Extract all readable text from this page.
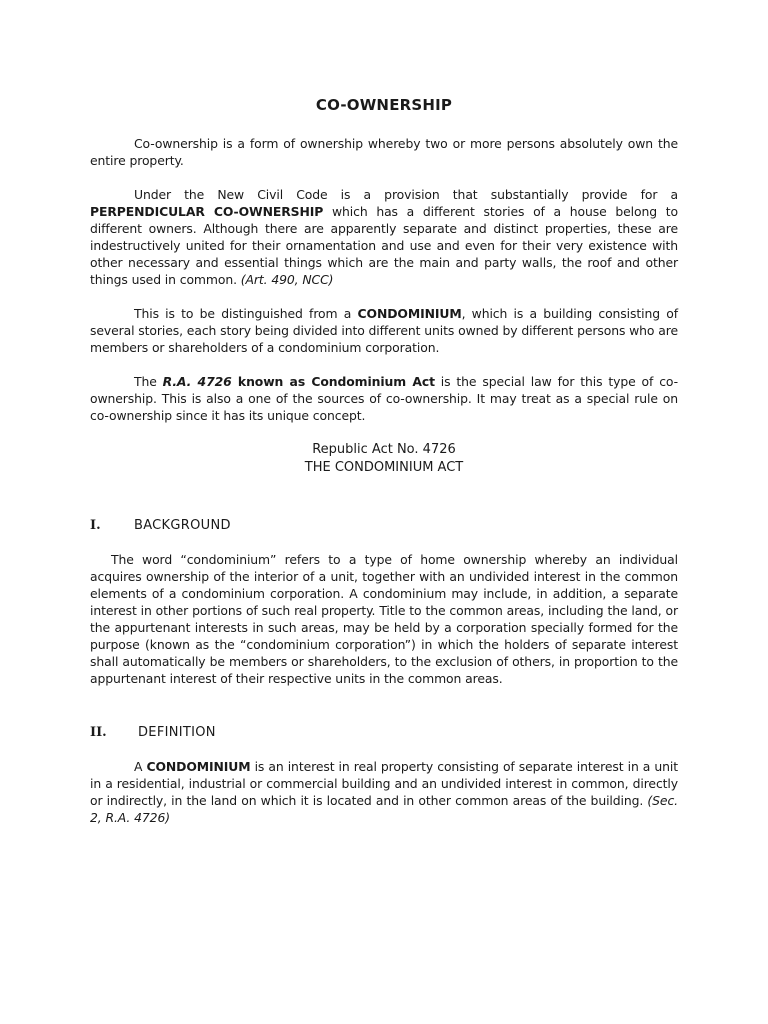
CO-OWNERSHIP

Co-ownership is a form of ownership whereby two or more persons absolutely own the entire property.

Under the New Civil Code is a provision that substantially provide for a PERPENDICULAR CO-OWNERSHIP which has a different stories of a house belong to different owners. Although there are apparently separate and distinct properties, these are indestructively united for their ornamentation and use and even for their very existence with other necessary and essential things which are the main and party walls, the roof and other things used in common. (Art. 490, NCC)

This is to be distinguished from a CONDOMINIUM, which is a building consisting of several stories, each story being divided into different units owned by different persons who are members or shareholders of a condominium corporation.

The R.A. 4726 known as Condominium Act is the special law for this type of co-ownership. This is also a one of the sources of co-ownership. It may treat as a special rule on co-ownership since it has its unique concept.

Republic Act No. 4726
THE CONDOMINIUM ACT
I.	BACKGROUND

The word “condominium” refers to a type of home ownership whereby an individual acquires ownership of the interior of a unit, together with an undivided interest in the common elements of a condominium corporation. A condominium may include, in addition, a separate interest in other portions of such real property. Title to the common areas, including the land, or the appurtenant interests in such areas, may be held by a corporation specially formed for the purpose (known as the “condominium corporation”) in which the holders of separate interest shall automatically be members or shareholders, to the exclusion of others, in proportion to the appurtenant interest of their respective units in the common areas.

II.	DEFINITION

A CONDOMINIUM is an interest in real property consisting of separate interest in a unit in a residential, industrial or commercial building and an undivided interest in common, directly or indirectly, in the land on which it is located and in other common areas of the building. (Sec. 2, R.A. 4726)
